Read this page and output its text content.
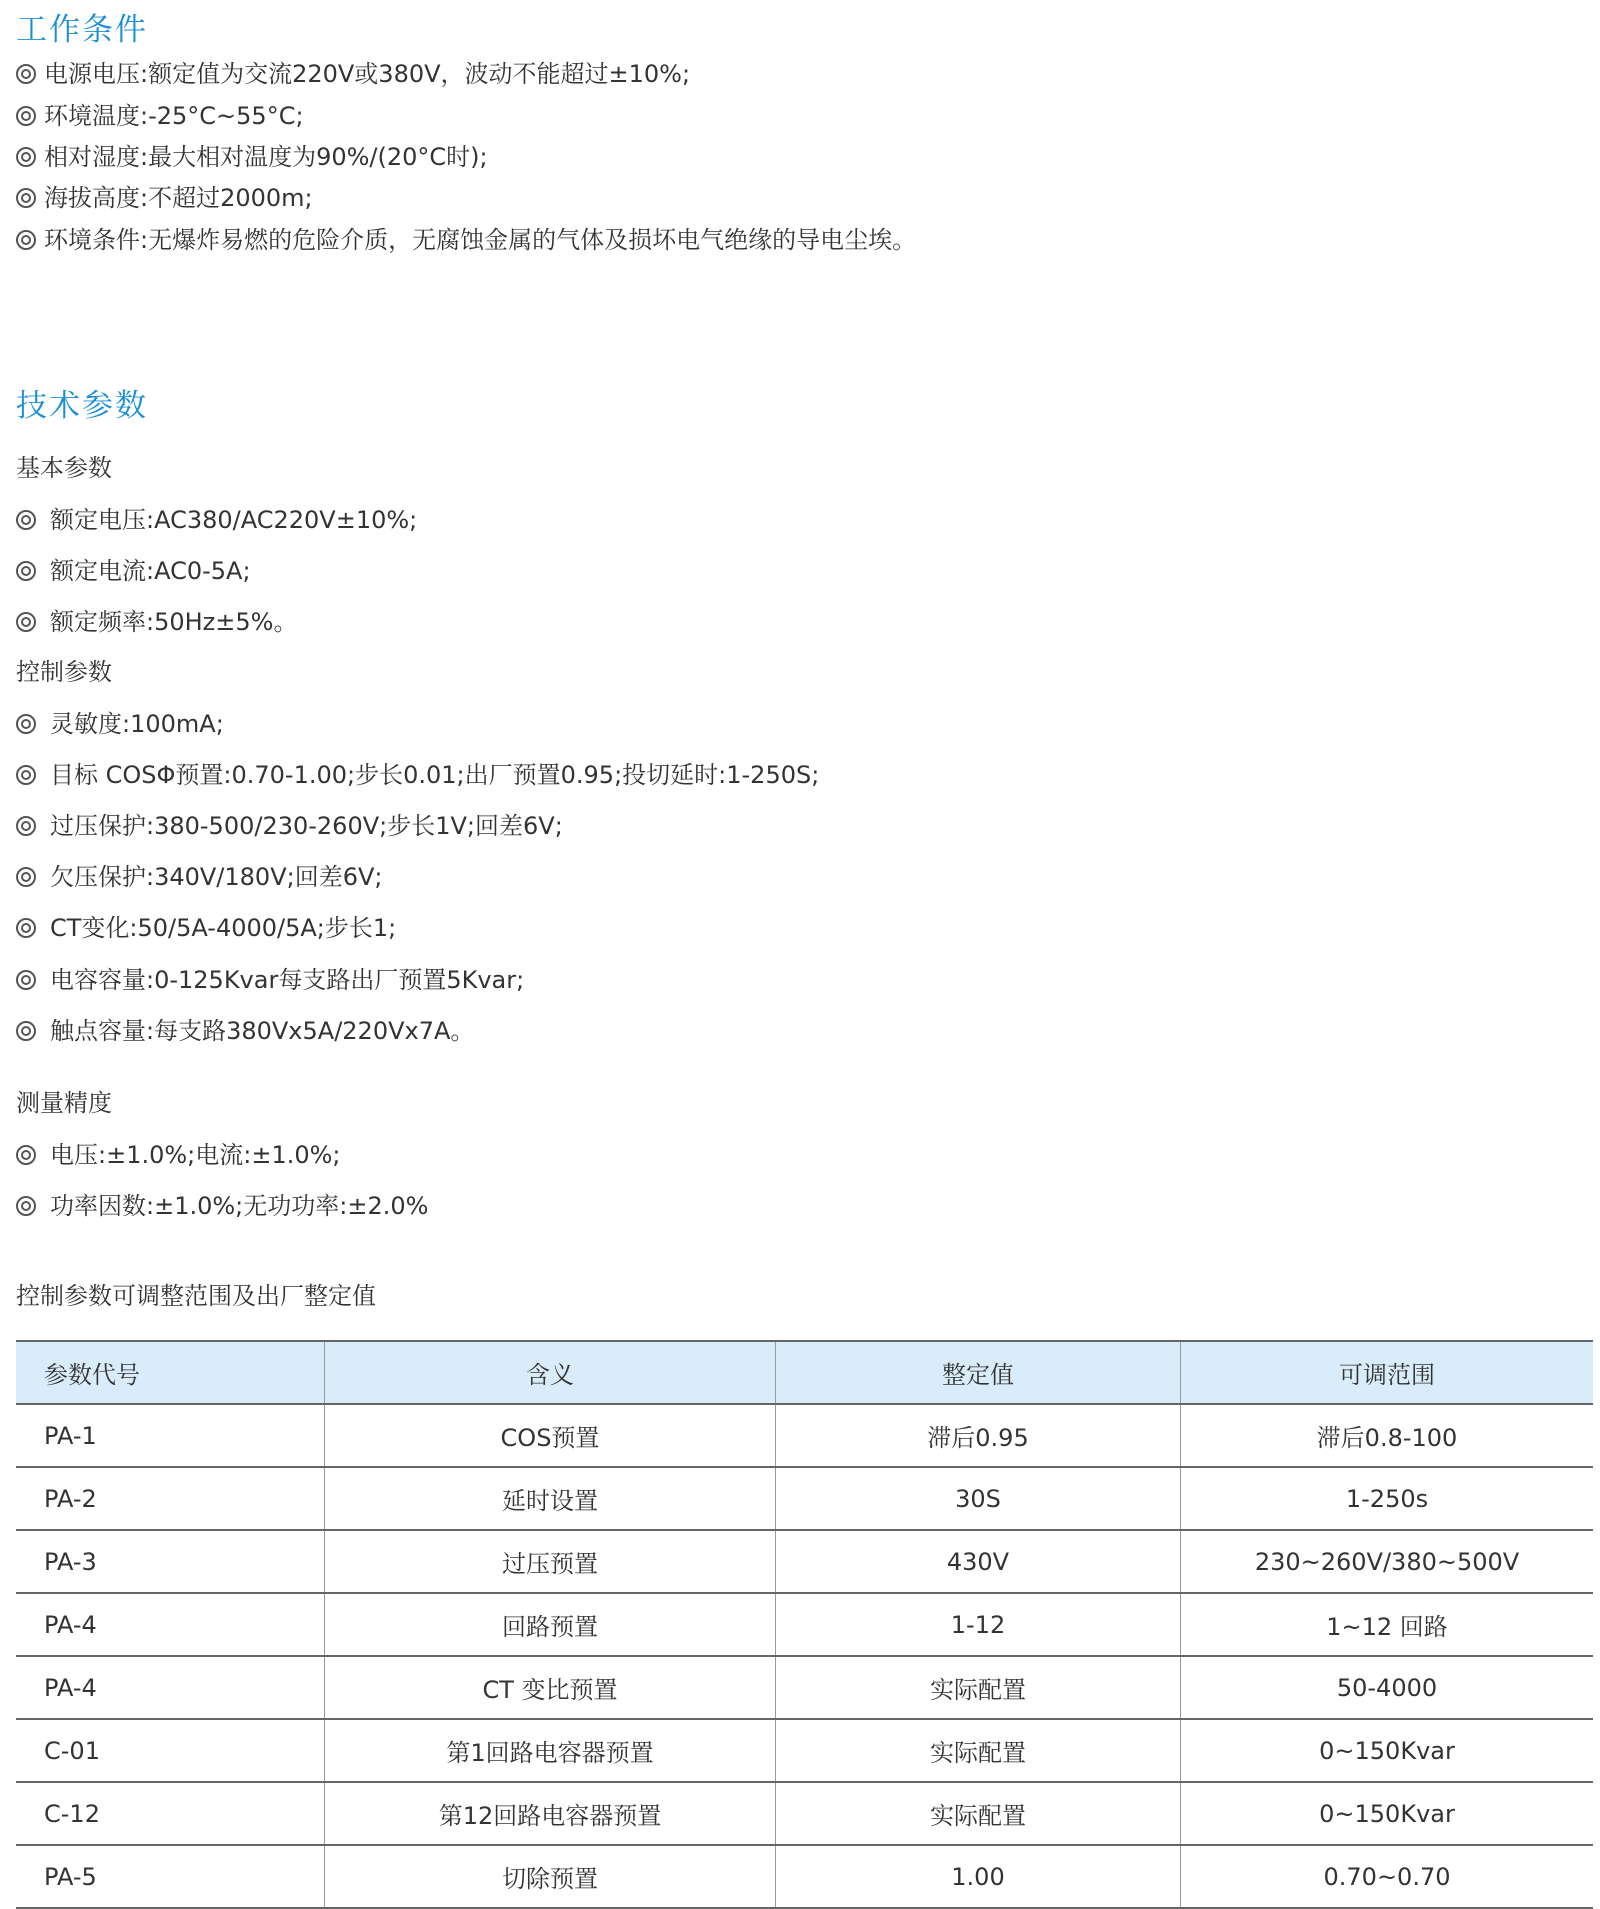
工作条件
电源电压:额定值为交流220V或380V，波动不能超过±10%;
环境温度:-25°C~55°C;
相对湿度:最大相对温度为90%/(20°C时);
海拔高度:不超过2000m;
环境条件:无爆炸易燃的危险介质，无腐蚀金属的气体及损坏电气绝缘的导电尘埃。
技术参数
基本参数
额定电压:AC380/AC220V±10%;
额定电流:AC0-5A;
额定频率:50Hz±5%。
控制参数
灵敏度:100mA;
目标 COSΦ预置:0.70-1.00;步长0.01;出厂预置0.95;投切延时:1-250S;
过压保护:380-500/230-260V;步长1V;回差6V;
欠压保护:340V/180V;回差6V;
CT变化:50/5A-4000/5A;步长1;
电容容量:0-125Kvar每支路出厂预置5Kvar;
触点容量:每支路380Vx5A/220Vx7A。
测量精度
电压:±1.0%;电流:±1.0%;
功率因数:±1.0%;无功功率:±2.0%
控制参数可调整范围及出厂整定值
参数代号	含义	整定值	可调范围
PA-1	COS预置	滞后0.95	滞后0.8-100
PA-2	延时设置	30S	1-250s
PA-3	过压预置	430V	230~260V/380~500V
PA-4	回路预置	1-12	1~12 回路
PA-4	CT 变比预置	实际配置	50-4000
C-01	第1回路电容器预置	实际配置	0~150Kvar
C-12	第12回路电容器预置	实际配置	0~150Kvar
PA-5	切除预置	1.00	0.70~0.70
